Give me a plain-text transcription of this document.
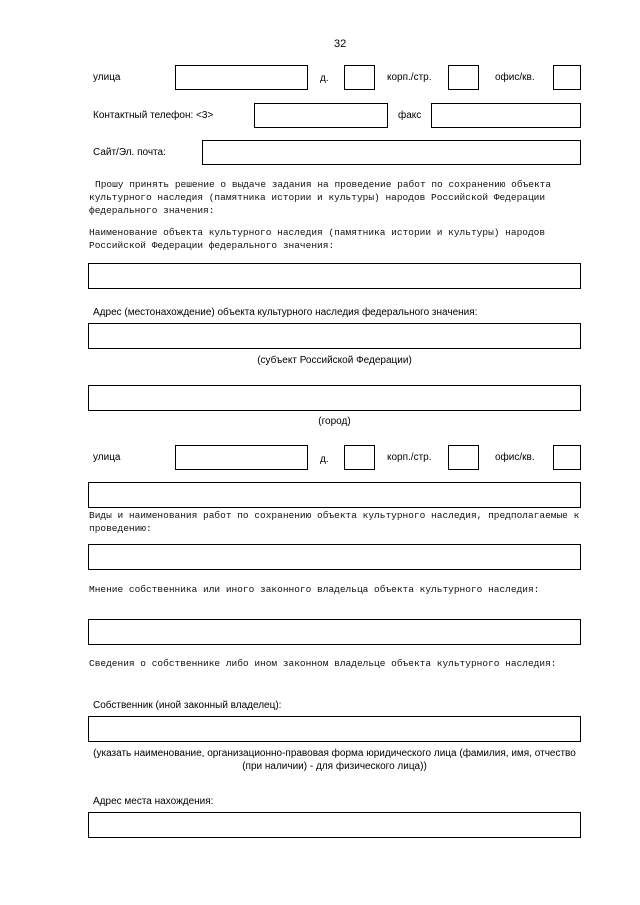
32
улица	д.	корп./стр.	офис/кв.
Контактный телефон: <3>	факс
Сайт/Эл. почта:
Прошу принять решение о выдаче задания на проведение работ по сохранению объекта культурного наследия (памятника истории и культуры) народов Российской Федерации федерального значения:
Наименование объекта культурного наследия (памятника истории и культуры) народов Российской Федерации федерального значения:
Адрес (местонахождение) объекта культурного наследия федерального значения:
(субъект Российской Федерации)
(город)
улица	д.	корп./стр.	офис/кв.
Виды и наименования работ по сохранению объекта культурного наследия, предполагаемые к проведению:
Мнение собственника или иного законного владельца объекта культурного наследия:
Сведения о собственнике либо ином законном владельце объекта культурного наследия:
Собственник (иной законный владелец):
(указать наименование, организационно-правовая форма юридического лица (фамилия, имя, отчество (при наличии) - для физического лица))
Адрес места нахождения:
